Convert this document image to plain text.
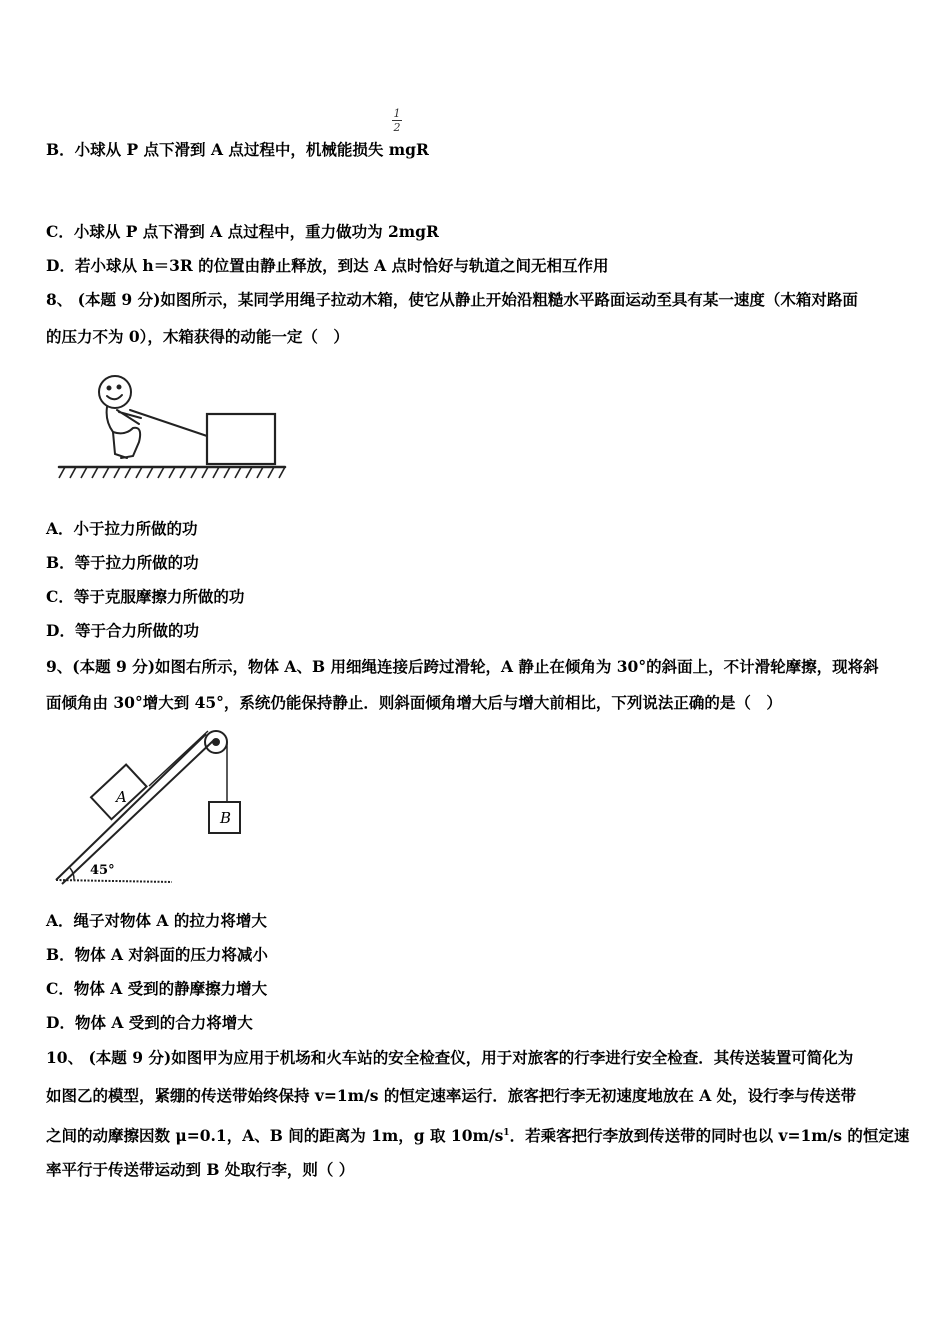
1
2
B．小球从 P 点下滑到 A 点过程中，机械能损失 mgR
C．小球从 P 点下滑到 A 点过程中，重力做功为 2mgR
D．若小球从 h＝3R 的位置由静止释放，到达 A 点时恰好与轨道之间无相互作用
8、 (本题 9 分)如图所示，某同学用绳子拉动木箱，使它从静止开始沿粗糙水平路面运动至具有某一速度（木箱对路面
的压力不为 0），木箱获得的动能一定（　）
A．小于拉力所做的功
B．等于拉力所做的功
C．等于克服摩擦力所做的功
D．等于合力所做的功
9、(本题 9 分)如图右所示，物体 A、B 用细绳连接后跨过滑轮，A 静止在倾角为 30°的斜面上，不计滑轮摩擦，现将斜
面倾角由 30°增大到 45°，系统仍能保持静止．则斜面倾角增大后与增大前相比，下列说法正确的是（　）
A
B
45°
A．绳子对物体 A 的拉力将增大
B．物体 A 对斜面的压力将减小
C．物体 A 受到的静摩擦力增大
D．物体 A 受到的合力将增大
10、 (本题 9 分)如图甲为应用于机场和火车站的安全检查仪，用于对旅客的行李进行安全检查．其传送装置可简化为
如图乙的模型，紧绷的传送带始终保持 v=1m/s 的恒定速率运行．旅客把行李无初速度地放在 A 处，设行李与传送带
之间的动摩擦因数 μ=0.1，A、B 间的距离为 1m，g 取 $10m/s^1$．若乘客把行李放到传送带的同时也以 v=1m/s 的恒定速
率平行于传送带运动到 B 处取行李，则（ ）
